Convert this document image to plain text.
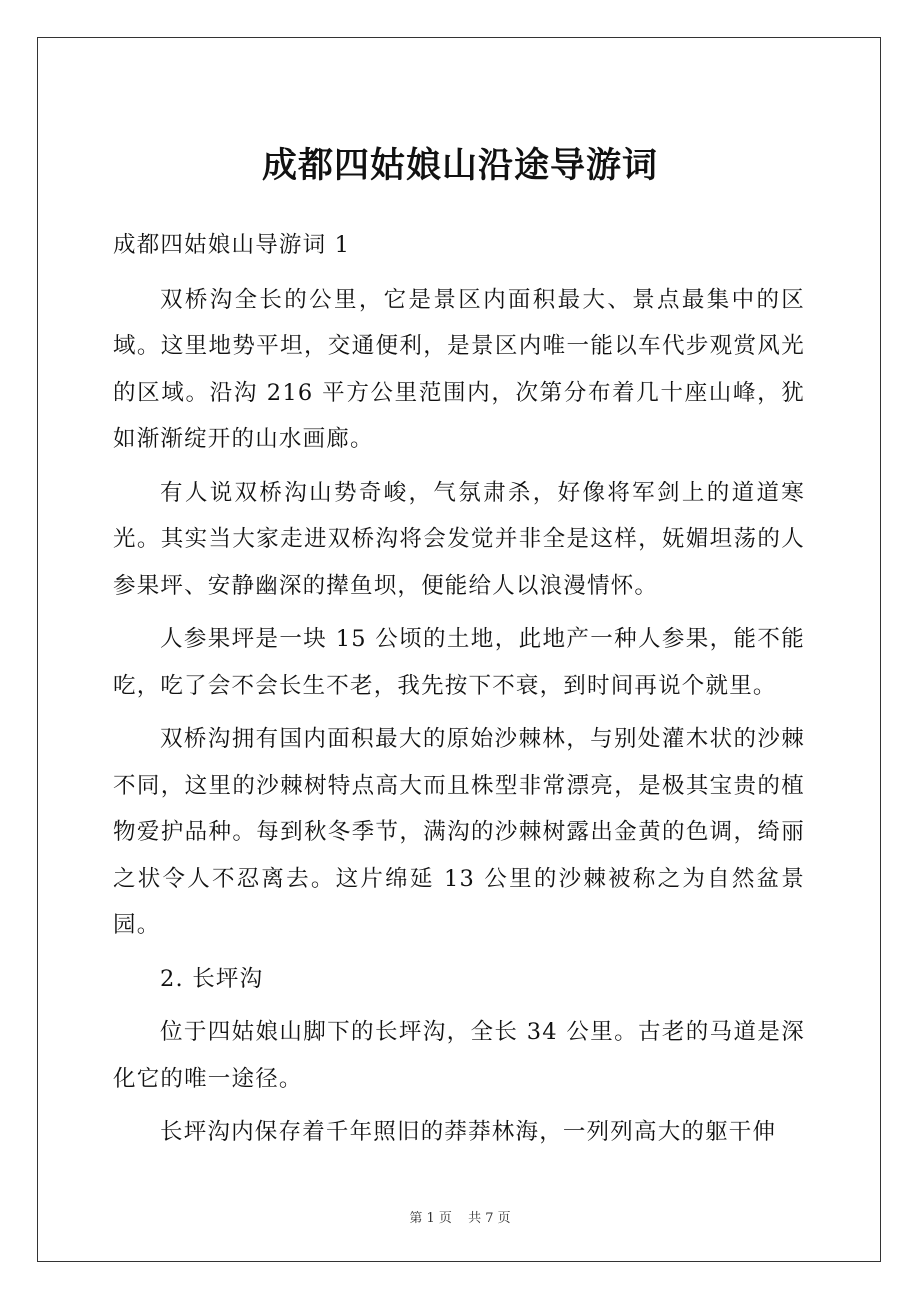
成都四姑娘山沿途导游词

成都四姑娘山导游词 1

双桥沟全长的公里，它是景区内面积最大、景点最集中的区域。这里地势平坦，交通便利，是景区内唯一能以车代步观赏风光的区域。沿沟 216 平方公里范围内，次第分布着几十座山峰，犹如渐渐绽开的山水画廊。

有人说双桥沟山势奇峻，气氛肃杀，好像将军剑上的道道寒光。其实当大家走进双桥沟将会发觉并非全是这样，妩媚坦荡的人参果坪、安静幽深的撵鱼坝，便能给人以浪漫情怀。

人参果坪是一块 15 公顷的土地，此地产一种人参果，能不能吃，吃了会不会长生不老，我先按下不衰，到时间再说个就里。

双桥沟拥有国内面积最大的原始沙棘林，与别处灌木状的沙棘不同，这里的沙棘树特点高大而且株型非常漂亮，是极其宝贵的植物爱护品种。每到秋冬季节，满沟的沙棘树露出金黄的色调，绮丽之状令人不忍离去。这片绵延 13 公里的沙棘被称之为自然盆景园。

2. 长坪沟

位于四姑娘山脚下的长坪沟，全长 34 公里。古老的马道是深化它的唯一途径。

长坪沟内保存着千年照旧的莽莽林海，一列列高大的躯干伸

第 1 页 共 7 页
